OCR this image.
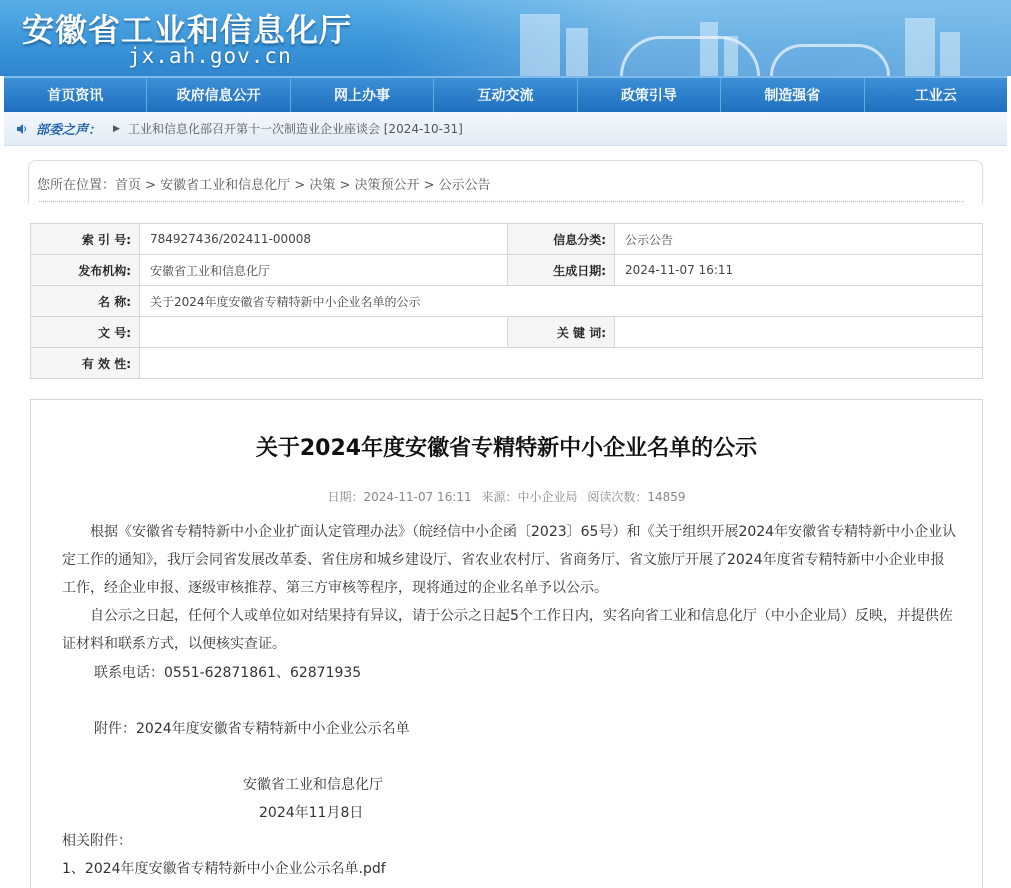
安徽省工业和信息化厅
jx.ah.gov.cn
首页资讯	政府信息公开	网上办事	互动交流	政策引导	制造强省	工业云
部委之声： ▶ 工业和信息化部召开第十一次制造业企业座谈会 [2024-10-31]
您所在位置：首页 > 安徽省工业和信息化厅 > 决策 > 决策预公开 > 公示公告
索 引 号:	784927436/202411-00008	信息分类:	公示公告
发布机构:	安徽省工业和信息化厅	生成日期:	2024-11-07 16:11
名 称:	关于2024年度安徽省专精特新中小企业名单的公示		
文 号:		关 键 词:	
有 效 性:			
关于2024年度安徽省专精特新中小企业名单的公示
日期：2024-11-07 16:11 来源：中小企业局 阅读次数：14859
根据《安徽省专精特新中小企业扩面认定管理办法》（皖经信中小企函〔2023〕65号）和《关于组织开展2024年安徽省专精特新中小企业认定工作的通知》，我厅会同省发展改革委、省住房和城乡建设厅、省农业农村厅、省商务厅、省文旅厅开展了2024年度省专精特新中小企业申报工作，经企业申报、逐级审核推荐、第三方审核等程序，现将通过的企业名单予以公示。
自公示之日起，任何个人或单位如对结果持有异议，请于公示之日起5个工作日内，实名向省工业和信息化厅（中小企业局）反映，并提供佐证材料和联系方式，以便核实查证。
联系电话：0551-62871861、62871935
附件：2024年度安徽省专精特新中小企业公示名单
安徽省工业和信息化厅
2024年11月8日
相关附件：
1、2024年度安徽省专精特新中小企业公示名单.pdf
